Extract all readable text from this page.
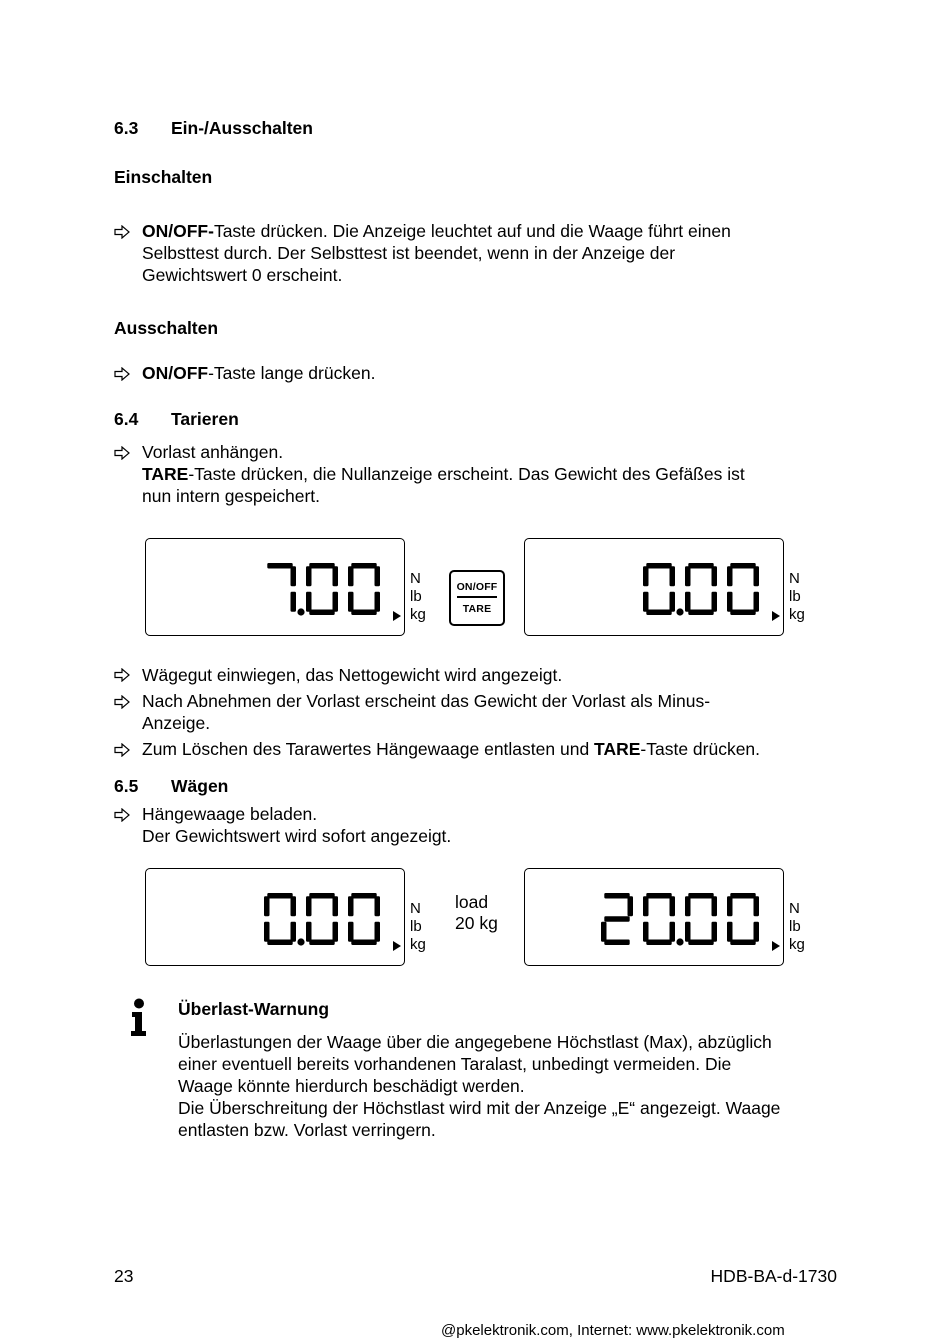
6.3 Ein-/Ausschalten
Einschalten
ON/OFF-Taste drücken. Die Anzeige leuchtet auf und die Waage führt einen
Selbsttest durch. Der Selbsttest ist beendet, wenn in der Anzeige der
Gewichtswert 0 erscheint.
Ausschalten
ON/OFF-Taste lange drücken.
6.4 Tarieren
Vorlast anhängen.
TARE-Taste drücken, die Nullanzeige erscheint. Das Gewicht des Gefäßes ist
nun intern gespeichert.
N
lb
kg
ON/OFF
TARE
N
lb
kg
Wägegut einwiegen, das Nettogewicht wird angezeigt.
Nach Abnehmen der Vorlast erscheint das Gewicht der Vorlast als Minus-
Anzeige.
Zum Löschen des Tarawertes Hängewaage entlasten und TARE-Taste drücken.
6.5 Wägen
Hängewaage beladen.
Der Gewichtswert wird sofort angezeigt.
N
lb
kg
load
20 kg
N
lb
kg
Überlast-Warnung
Überlastungen der Waage über die angegebene Höchstlast (Max), abzüglich
einer eventuell bereits vorhandenen Taralast, unbedingt vermeiden. Die
Waage könnte hierdurch beschädigt werden.
Die Überschreitung der Höchstlast wird mit der Anzeige „E“ angezeigt. Waage
entlasten bzw. Vorlast verringern.
23	HDB-BA-d-1730
@pkelektronik.com, Internet: www.pkelektronik.com
